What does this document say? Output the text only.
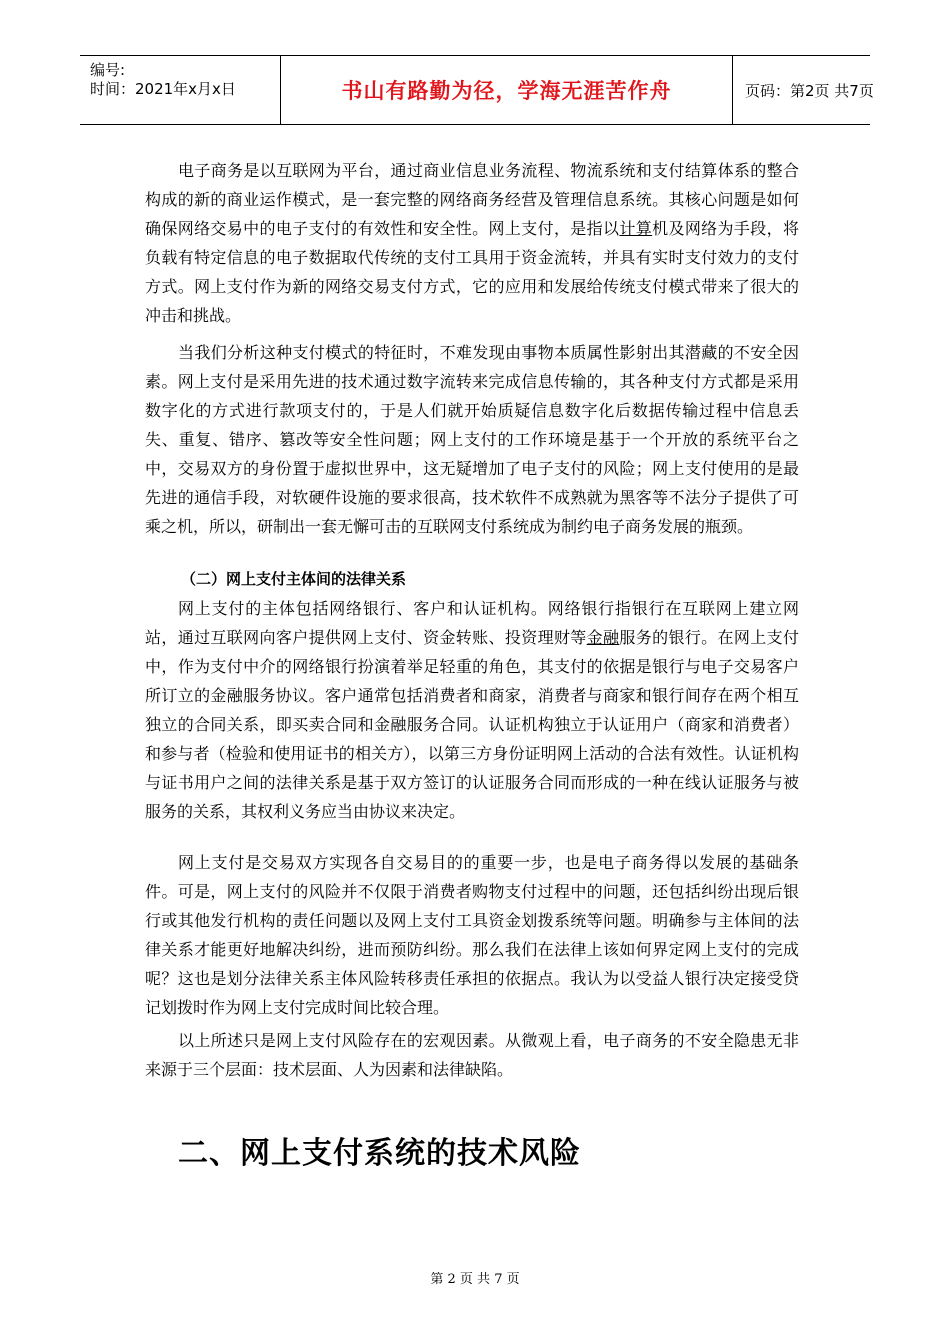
编号:
时间：2021年x月x日	书山有路勤为径，学海无涯苦作舟	页码：第2页 共7页

电子商务是以互联网为平台，通过商业信息业务流程、物流系统和支付结算体系的整合构成的新的商业运作模式，是一套完整的网络商务经营及管理信息系统。其核心问题是如何确保网络交易中的电子支付的有效性和安全性。网上支付，是指以计算机及网络为手段，将负载有特定信息的电子数据取代传统的支付工具用于资金流转，并具有实时支付效力的支付方式。网上支付作为新的网络交易支付方式，它的应用和发展给传统支付模式带来了很大的冲击和挑战。

当我们分析这种支付模式的特征时，不难发现由事物本质属性影射出其潜藏的不安全因素。网上支付是采用先进的技术通过数字流转来完成信息传输的，其各种支付方式都是采用数字化的方式进行款项支付的，于是人们就开始质疑信息数字化后数据传输过程中信息丢失、重复、错序、篡改等安全性问题；网上支付的工作环境是基于一个开放的系统平台之中，交易双方的身份置于虚拟世界中，这无疑增加了电子支付的风险；网上支付使用的是最先进的通信手段，对软硬件设施的要求很高，技术软件不成熟就为黑客等不法分子提供了可乘之机，所以，研制出一套无懈可击的互联网支付系统成为制约电子商务发展的瓶颈。

（二）网上支付主体间的法律关系

网上支付的主体包括网络银行、客户和认证机构。网络银行指银行在互联网上建立网站，通过互联网向客户提供网上支付、资金转账、投资理财等金融服务的银行。在网上支付中，作为支付中介的网络银行扮演着举足轻重的角色，其支付的依据是银行与电子交易客户所订立的金融服务协议。客户通常包括消费者和商家，消费者与商家和银行间存在两个相互独立的合同关系，即买卖合同和金融服务合同。认证机构独立于认证用户（商家和消费者）和参与者（检验和使用证书的相关方），以第三方身份证明网上活动的合法有效性。认证机构与证书用户之间的法律关系是基于双方签订的认证服务合同而形成的一种在线认证服务与被服务的关系，其权利义务应当由协议来决定。

网上支付是交易双方实现各自交易目的的重要一步，也是电子商务得以发展的基础条件。可是，网上支付的风险并不仅限于消费者购物支付过程中的问题，还包括纠纷出现后银行或其他发行机构的责任问题以及网上支付工具资金划拨系统等问题。明确参与主体间的法律关系才能更好地解决纠纷，进而预防纠纷。那么我们在法律上该如何界定网上支付的完成呢？这也是划分法律关系主体风险转移责任承担的依据点。我认为以受益人银行决定接受贷记划拨时作为网上支付完成时间比较合理。

以上所述只是网上支付风险存在的宏观因素。从微观上看，电子商务的不安全隐患无非来源于三个层面：技术层面、人为因素和法律缺陷。

二、网上支付系统的技术风险
第 2 页 共 7 页
